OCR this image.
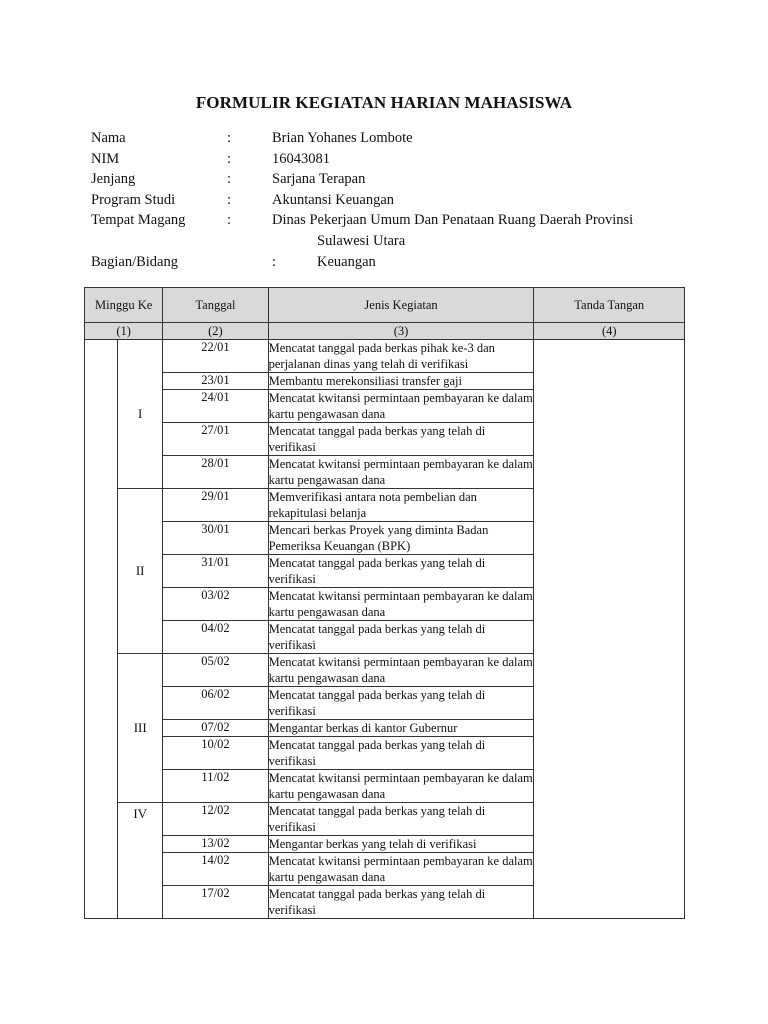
FORMULIR KEGIATAN HARIAN MAHASISWA
Nama	:	Brian Yohanes Lombote
NIM	:	16043081
Jenjang	:	Sarjana Terapan
Program Studi	:	Akuntansi Keuangan
Tempat Magang	:	Dinas Pekerjaan Umum Dan Penataan Ruang Daerah Provinsi
Sulawesi Utara
Bagian/Bidang	:	Keuangan
Minggu Ke		Tanggal	Jenis Kegiatan	Tanda Tangan
(1)		(2)	(3)	(4)
	I	22/01	Mencatat tanggal pada berkas pihak ke-3 dan perjalanan dinas yang telah di verifikasi	
		23/01	Membantu merekonsiliasi transfer gaji	
		24/01	Mencatat kwitansi permintaan pembayaran ke dalam kartu pengawasan dana	
		27/01	Mencatat tanggal pada berkas yang telah di verifikasi	
		28/01	Mencatat kwitansi permintaan pembayaran ke dalam kartu pengawasan dana	
	II	29/01	Memverifikasi antara nota pembelian dan rekapitulasi belanja	
		30/01	Mencari berkas Proyek yang diminta Badan Pemeriksa Keuangan (BPK)	
		31/01	Mencatat tanggal pada berkas yang telah di verifikasi	
		03/02	Mencatat kwitansi permintaan pembayaran ke dalam kartu pengawasan dana	
		04/02	Mencatat tanggal pada berkas yang telah di verifikasi	
	III	05/02	Mencatat kwitansi permintaan pembayaran ke dalam kartu pengawasan dana	
		06/02	Mencatat tanggal pada berkas yang telah di verifikasi	
		07/02	Mengantar berkas di kantor Gubernur	
		10/02	Mencatat tanggal pada berkas yang telah di verifikasi	
		11/02	Mencatat kwitansi permintaan pembayaran ke dalam kartu pengawasan dana	
	IV	12/02	Mencatat tanggal pada berkas yang telah di verifikasi	
		13/02	Mengantar berkas yang telah di verifikasi	
		14/02	Mencatat kwitansi permintaan pembayaran ke dalam kartu pengawasan dana	
		17/02	Mencatat tanggal pada berkas yang telah di verifikasi	
